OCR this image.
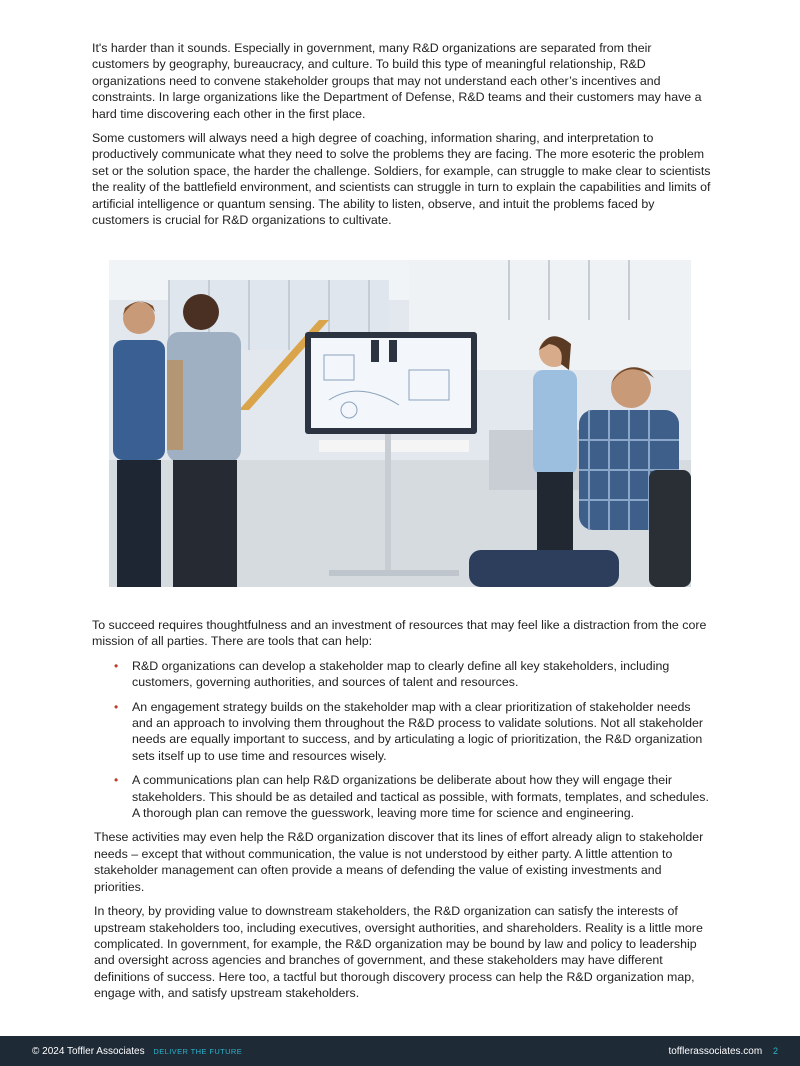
It's harder than it sounds. Especially in government, many R&D organizations are separated from their customers by geography, bureaucracy, and culture. To build this type of meaningful relationship, R&D organizations need to convene stakeholder groups that may not understand each other’s incentives and constraints. In large organizations like the Department of Defense, R&D teams and their customers may have a hard time discovering each other in the first place.

Some customers will always need a high degree of coaching, information sharing, and interpretation to productively communicate what they need to solve the problems they are facing. The more esoteric the problem set or the solution space, the harder the challenge. Soldiers, for example, can struggle to make clear to scientists the reality of the battlefield environment, and scientists can struggle in turn to explain the capabilities and limits of artificial intelligence or quantum sensing. The ability to listen, observe, and intuit the problems faced by customers is crucial for R&D organizations to cultivate.

To succeed requires thoughtfulness and an investment of resources that may feel like a distraction from the core mission of all parties. There are tools that can help:

• R&D organizations can develop a stakeholder map to clearly define all key stakeholders, including customers, governing authorities, and sources of talent and resources.
• An engagement strategy builds on the stakeholder map with a clear prioritization of stakeholder needs and an approach to involving them throughout the R&D process to validate solutions. Not all stakeholder needs are equally important to success, and by articulating a logic of prioritization, the R&D organization sets itself up to use time and resources wisely.
• A communications plan can help R&D organizations be deliberate about how they will engage their stakeholders. This should be as detailed and tactical as possible, with formats, templates, and schedules. A thorough plan can remove the guesswork, leaving more time for science and engineering.

These activities may even help the R&D organization discover that its lines of effort already align to stakeholder needs – except that without communication, the value is not understood by either party. A little attention to stakeholder management can often provide a means of defending the value of existing investments and priorities.

In theory, by providing value to downstream stakeholders, the R&D organization can satisfy the interests of upstream stakeholders too, including executives, oversight authorities, and shareholders. Reality is a little more complicated. In government, for example, the R&D organization may be bound by law and policy to leadership and oversight across agencies and branches of government, and these stakeholders may have different definitions of success. Here too, a tactful but thorough discovery process can help the R&D organization map, engage with, and satisfy upstream stakeholders.

© 2024 Toffler Associates DELIVER THE FUTURE	tofflerassociates.com 2
